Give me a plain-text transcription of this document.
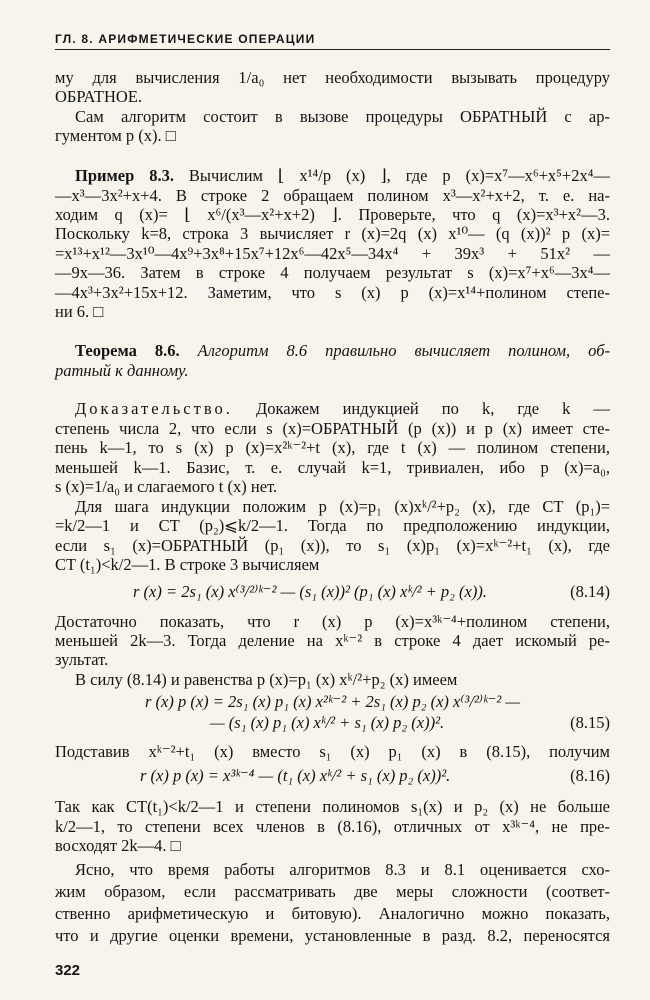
ГЛ. 8. АРИФМЕТИЧЕСКИЕ ОПЕРАЦИИ
му для вычисления 1/a₀ нет необходимости вызывать процедуру
ОБРАТНОЕ.
Сам алгоритм состоит в вызове процедуры ОБРАТНЫЙ с ар-
гументом p (x). □
Пример 8.3. Вычислим ⌊ x¹⁴/p (x) ⌋, где p (x)=x⁷—x⁶+x⁵+2x⁴—
—x³—3x²+x+4. В строке 2 обращаем полином x³—x²+x+2, т. е. на-
ходим q (x)= ⌊ x⁶/(x³—x²+x+2) ⌋. Проверьте, что q (x)=x³+x²—3.
Поскольку k=8, строка 3 вычисляет r (x)=2q (x) x¹⁰— (q (x))² p (x)=
=x¹³+x¹²—3x¹⁰—4x⁹+3x⁸+15x⁷+12x⁶—42x⁵—34x⁴ + 39x³ + 51x² —
—9x—36. Затем в строке 4 получаем результат s (x)=x⁷+x⁶—3x⁴—
—4x³+3x²+15x+12. Заметим, что s (x) p (x)=x¹⁴+полином степе-
ни 6. □
Теорема 8.6. Алгоритм 8.6 правильно вычисляет полином, об-
ратный к данному.
Доказательство. Докажем индукцией по k, где k —
степень числа 2, что если s (x)=ОБРАТНЫЙ (p (x)) и p (x) имеет сте-
пень k—1, то s (x) p (x)=x²ᵏ⁻²+t (x), где t (x) — полином степени,
меньшей k—1. Базис, т. е. случай k=1, тривиален, ибо p (x)=a₀,
s (x)=1/a₀ и слагаемого t (x) нет.
Для шага индукции положим p (x)=p₁ (x)xᵏ/²+p₂ (x), где CT (p₁)=
=k/2—1 и CT (p₂)⩽k/2—1. Тогда по предположению индукции,
если s₁ (x)=ОБРАТНЫЙ (p₁ (x)), то s₁ (x)p₁ (x)=xᵏ⁻²+t₁ (x), где
CT (t₁)<k/2—1. В строке 3 вычисляем
r (x) = 2s₁ (x) x⁽³/²⁾ᵏ⁻² — (s₁ (x))² (p₁ (x) xᵏ/² + p₂ (x)).	(8.14)
Достаточно показать, что r (x) p (x)=x³ᵏ⁻⁴+полином степени,
меньшей 2k—3. Тогда деление на xᵏ⁻² в строке 4 дает искомый ре-
зультат.
В силу (8.14) и равенства p (x)=p₁ (x) xᵏ/²+p₂ (x) имеем
r (x) p (x) = 2s₁ (x) p₁ (x) x²ᵏ⁻² + 2s₁ (x) p₂ (x) x⁽³/²⁾ᵏ⁻² —
— (s₁ (x) p₁ (x) xᵏ/² + s₁ (x) p₂ (x))².	(8.15)
Подставив xᵏ⁻²+t₁ (x) вместо s₁ (x) p₁ (x) в (8.15), получим
r (x) p (x) = x³ᵏ⁻⁴ — (t₁ (x) xᵏ/² + s₁ (x) p₂ (x))².	(8.16)
Так как CT(t₁)<k/2—1 и степени полиномов s₁(x) и p₂ (x) не больше
k/2—1, то степени всех членов в (8.16), отличных от x³ᵏ⁻⁴, не пре-
восходят 2k—4. □
Ясно, что время работы алгоритмов 8.3 и 8.1 оценивается схо-
жим образом, если рассматривать две меры сложности (соответ-
ственно арифметическую и битовую). Аналогично можно показать,
что и другие оценки времени, установленные в разд. 8.2, переносятся
322
